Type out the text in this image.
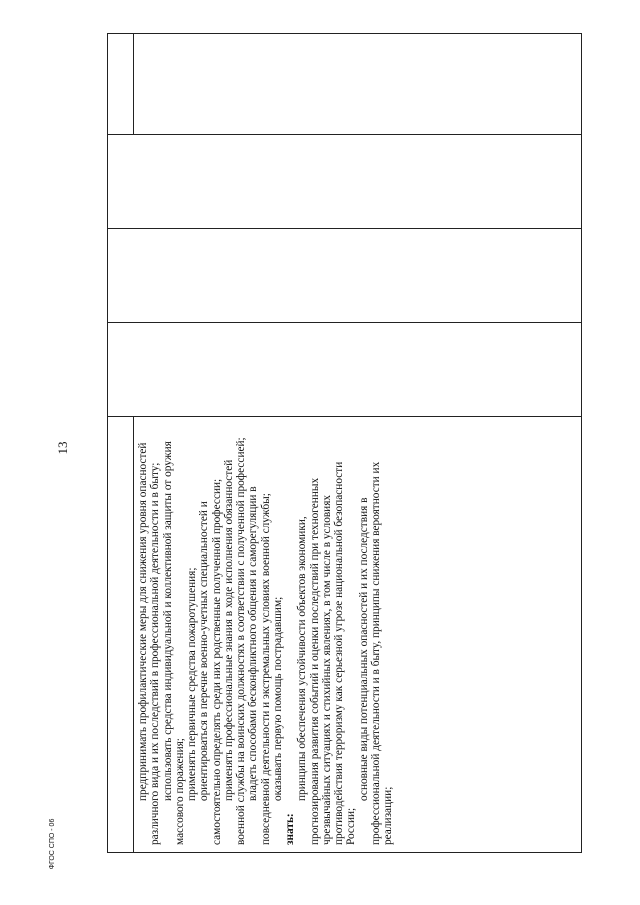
предпринимать профилактические меры для снижения уровня опасностей различного вида и их последствий в профессиональной деятельности и в быту; использовать средства индивидуальной и коллективной защиты от оружия массового поражения; применять первичные средства пожаротушения; ориентироваться в перечне военно-учетных специальностей и самостоятельно определять среди них родственные полученной профессии; применять профессиональные знания в ходе исполнения обязанностей военной службы на воинских должностях в соответствии с полученной профессией; владеть способами бесконфликтного общения и саморегуляции в повседневной деятельности и экстремальных условиях военной службы; оказывать первую помощь пострадавшим;

знать:

принципы обеспечения устойчивости объектов экономики, прогнозирования развития событий и оценки последствий при техногенных чрезвычайных ситуациях и стихийных явлениях, в том числе в условиях противодействия терроризму как серьезной угрозе национальной безопасности России;

основные виды потенциальных опасностей и их последствия в профессиональной деятельности и в быту, принципы снижения вероятности их реализации;

13
ФГОС СПО - 06
